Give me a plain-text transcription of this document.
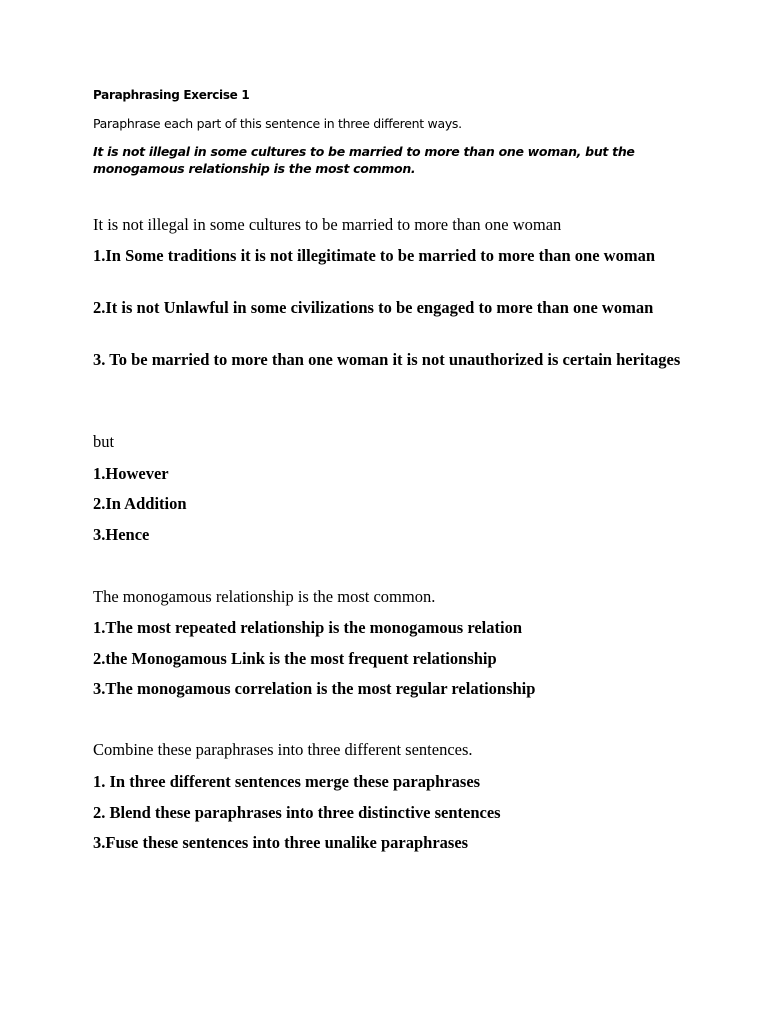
Paraphrasing Exercise 1

Paraphrase each part of this sentence in three different ways.

It is not illegal in some cultures to be married to more than one woman, but the monogamous relationship is the most common.

It is not illegal in some cultures to be married to more than one woman

1.In Some traditions it is not illegitimate to be married to more than one woman

2.It is not Unlawful in some civilizations to be engaged to more than one woman

3. To be married to more than one woman it is not unauthorized is certain heritages

but

1.However

2.In Addition

3.Hence

The monogamous relationship is the most common.

1.The most repeated relationship is the monogamous relation

2.the Monogamous Link is the most frequent relationship

3.The monogamous correlation is the most regular relationship

Combine these paraphrases into three different sentences.

1. In three different sentences merge these paraphrases

2. Blend these paraphrases into three distinctive sentences

3.Fuse these sentences into three unalike paraphrases
